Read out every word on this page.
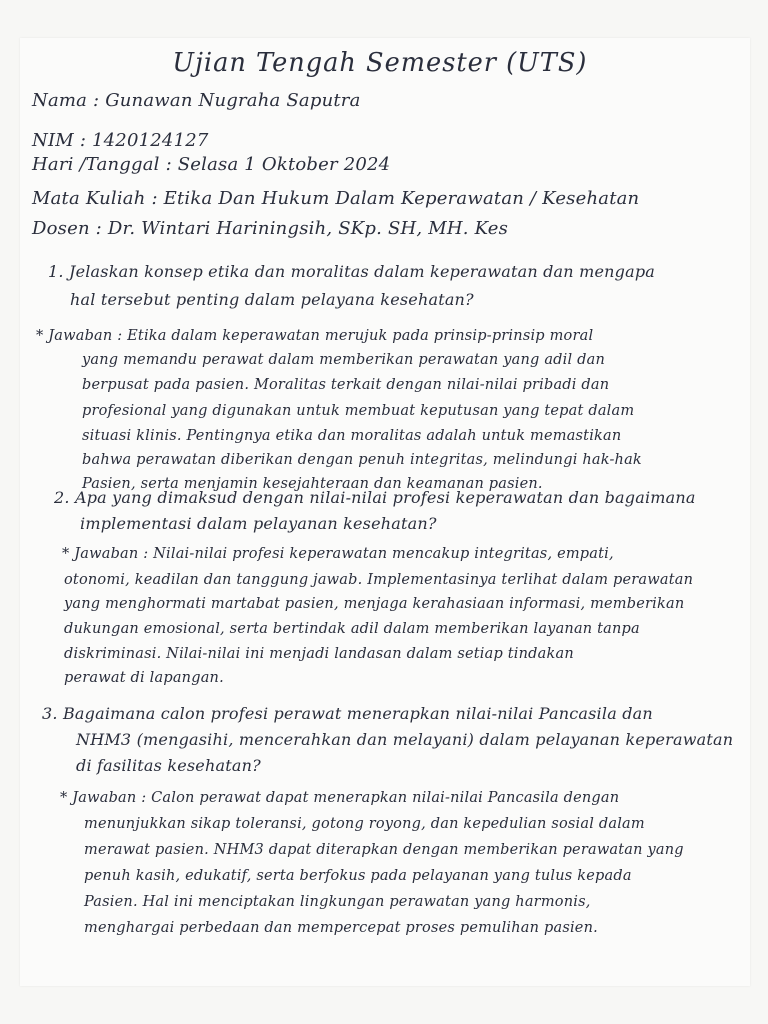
Ujian Tengah Semester (UTS)
Nama : Gunawan Nugraha Saputra
NIM : 1420124127
Hari /Tanggal : Selasa 1 Oktober 2024
Mata Kuliah : Etika Dan Hukum Dalam Keperawatan / Kesehatan
Dosen : Dr. Wintari Hariningsih, SKp. SH, MH. Kes
1. Jelaskan konsep etika dan moralitas dalam keperawatan dan mengapa
hal tersebut penting dalam pelayana kesehatan?
* Jawaban : Etika dalam keperawatan merujuk pada prinsip-prinsip moral
yang memandu perawat dalam memberikan perawatan yang adil dan
berpusat pada pasien. Moralitas terkait dengan nilai-nilai pribadi dan
profesional yang digunakan untuk membuat keputusan yang tepat dalam
situasi klinis. Pentingnya etika dan moralitas adalah untuk memastikan
bahwa perawatan diberikan dengan penuh integritas, melindungi hak-hak
Pasien, serta menjamin kesejahteraan dan keamanan pasien.
2. Apa yang dimaksud dengan nilai-nilai profesi keperawatan dan bagaimana
implementasi dalam pelayanan kesehatan?
* Jawaban : Nilai-nilai profesi keperawatan mencakup integritas, empati,
otonomi, keadilan dan tanggung jawab. Implementasinya terlihat dalam perawatan
yang menghormati martabat pasien, menjaga kerahasiaan informasi, memberikan
dukungan emosional, serta bertindak adil dalam memberikan layanan tanpa
diskriminasi. Nilai-nilai ini menjadi landasan dalam setiap tindakan
perawat di lapangan.
3. Bagaimana calon profesi perawat menerapkan nilai-nilai Pancasila dan
NHM3 (mengasihi, mencerahkan dan melayani) dalam pelayanan keperawatan
di fasilitas kesehatan?
* Jawaban : Calon perawat dapat menerapkan nilai-nilai Pancasila dengan
menunjukkan sikap toleransi, gotong royong, dan kepedulian sosial dalam
merawat pasien. NHM3 dapat diterapkan dengan memberikan perawatan yang
penuh kasih, edukatif, serta berfokus pada pelayanan yang tulus kepada
Pasien. Hal ini menciptakan lingkungan perawatan yang harmonis,
menghargai perbedaan dan mempercepat proses pemulihan pasien.
